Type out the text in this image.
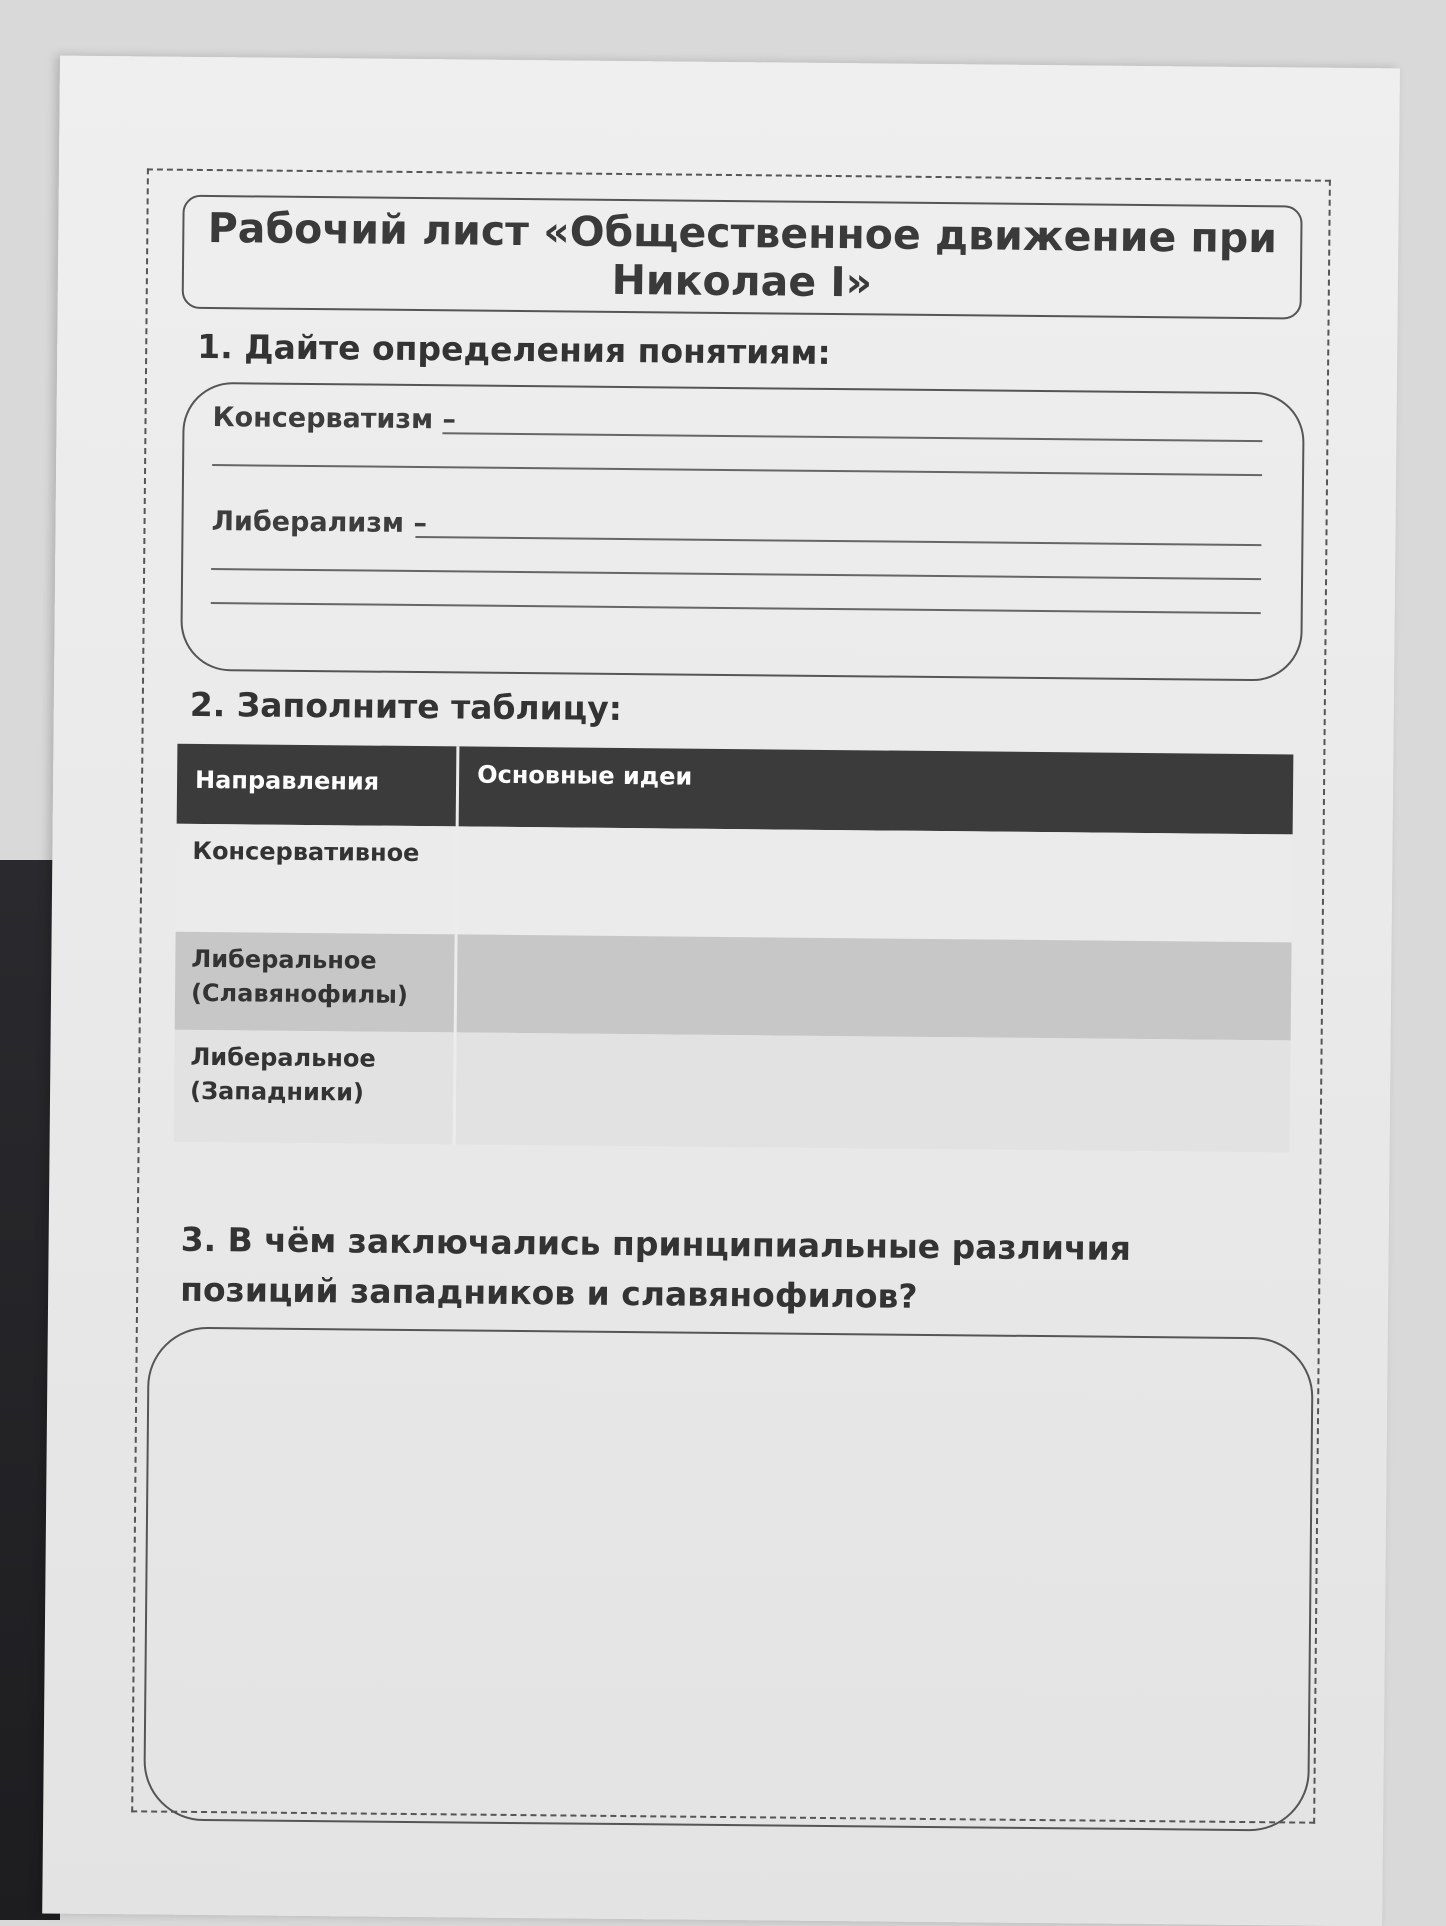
Рабочий лист «Общественное движение при
Николае I»
1. Дайте определения понятиям:
Консерватизм –
Либерализм –
2. Заполните таблицу:
Направления	Основные идеи

Консервативное	

Либеральное
(Славянофилы)	

Либеральное
(Западники)	

3. В чём заключались принципиальные различия позиций западников и славянофилов?
